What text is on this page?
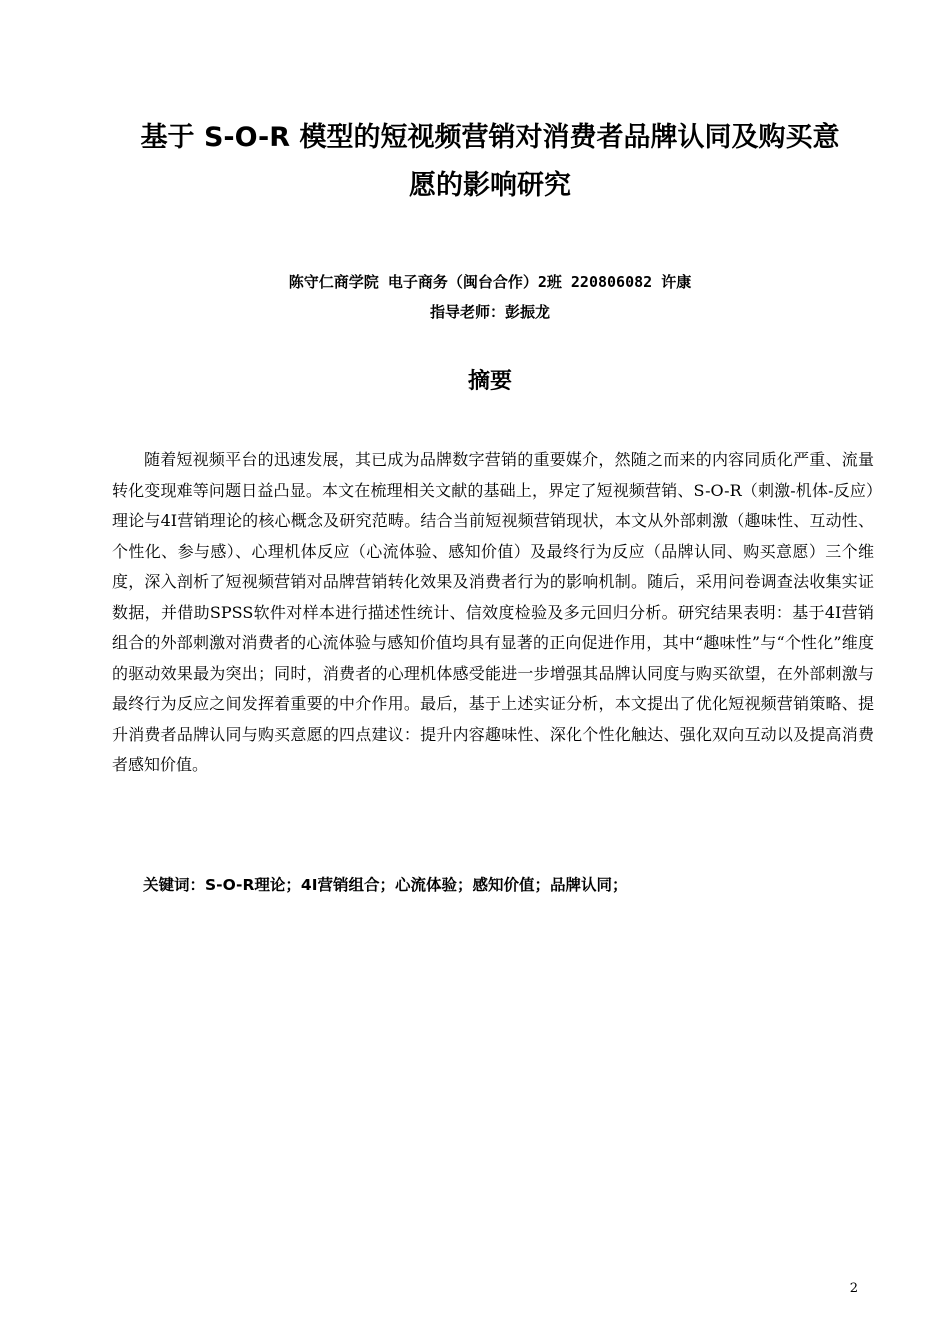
基于 S-O-R 模型的短视频营销对消费者品牌认同及购买意
愿的影响研究
陈守仁商学院 电子商务（闽台合作）2班 220806082 许康
指导老师：彭振龙
摘要

随着短视频平台的迅速发展，其已成为品牌数字营销的重要媒介，然随之而来的内容同质化严重、流量转化变现难等问题日益凸显。本文在梳理相关文献的基础上，界定了短视频营销、S-O-R（刺激-机体-反应）理论与4I营销理论的核心概念及研究范畴。结合当前短视频营销现状，本文从外部刺激（趣味性、互动性、个性化、参与感）、心理机体反应（心流体验、感知价值）及最终行为反应（品牌认同、购买意愿）三个维度，深入剖析了短视频营销对品牌营销转化效果及消费者行为的影响机制。随后，采用问卷调查法收集实证数据，并借助SPSS软件对样本进行描述性统计、信效度检验及多元回归分析。研究结果表明：基于4I营销组合的外部刺激对消费者的心流体验与感知价值均具有显著的正向促进作用，其中“趣味性”与“个性化”维度的驱动效果最为突出；同时，消费者的心理机体感受能进一步增强其品牌认同度与购买欲望，在外部刺激与最终行为反应之间发挥着重要的中介作用。最后，基于上述实证分析，本文提出了优化短视频营销策略、提升消费者品牌认同与购买意愿的四点建议：提升内容趣味性、深化个性化触达、强化双向互动以及提高消费者感知价值。

关键词：S-O-R理论；4I营销组合；心流体验；感知价值；品牌认同；
2
